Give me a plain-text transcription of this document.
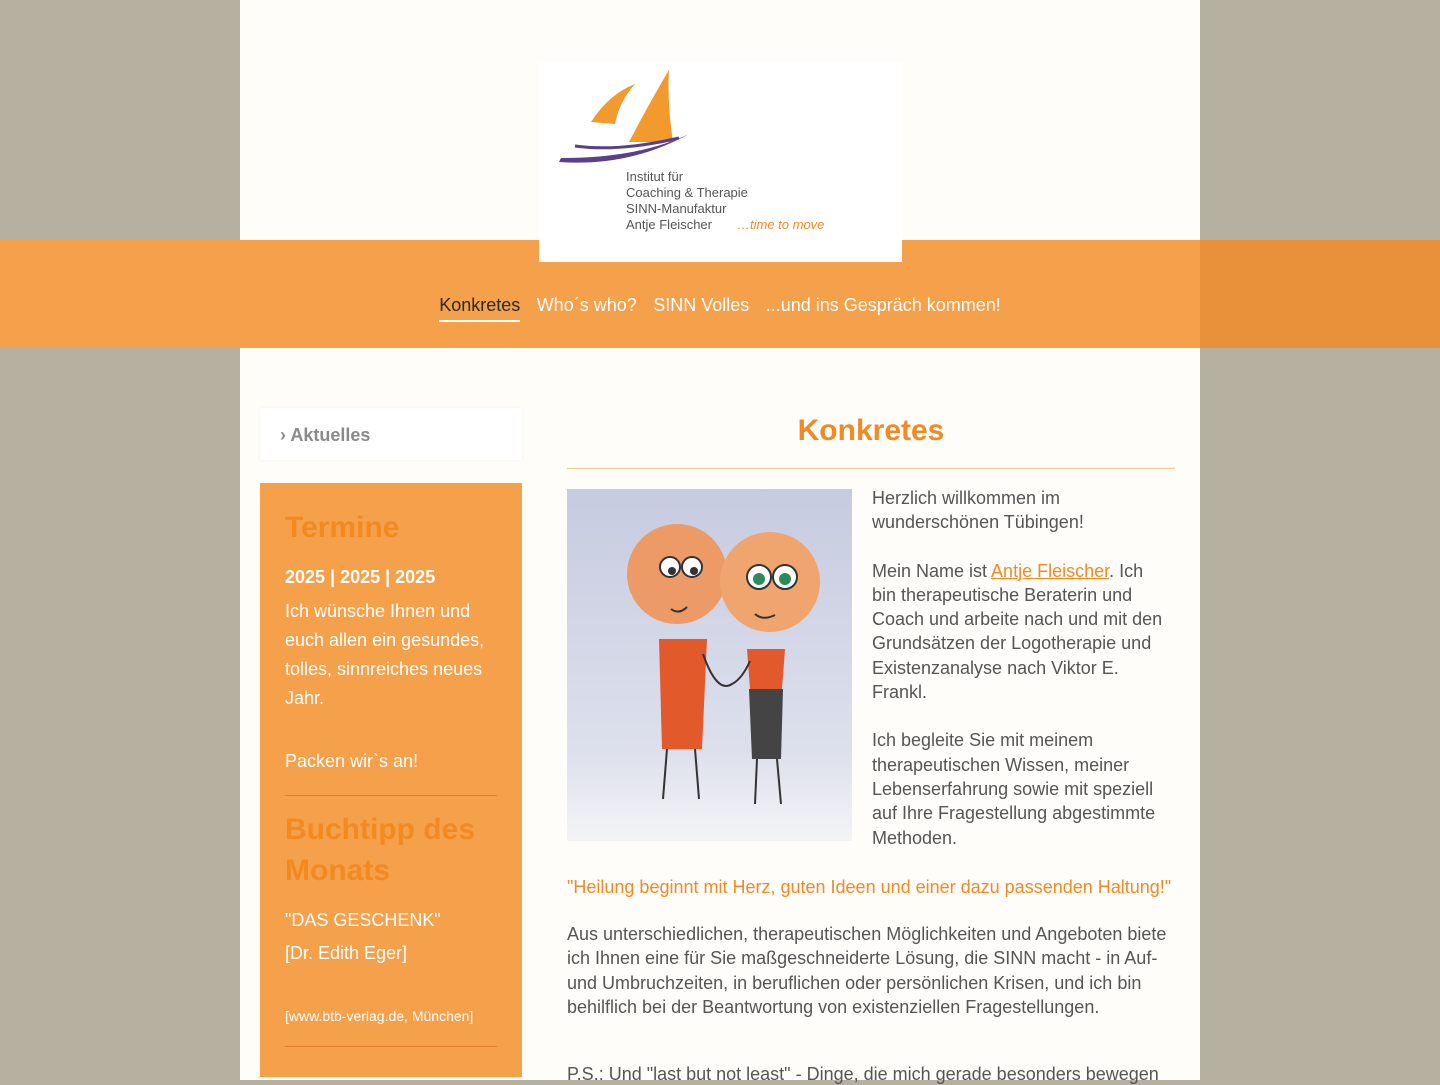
Institut für
Coaching & Therapie
SINN-Manufaktur
Antje Fleischer …time to move
Konkretes Who´s who? SINN Volles ...und ins Gespräch kommen!
› Aktuelles
Termine
2025 | 2025 | 2025
Ich wünsche Ihnen und euch allen ein gesundes, tolles, sinnreiches neues Jahr.
Packen wir`s an!
Buchtipp des Monats
"DAS GESCHENK"
[Dr. Edith Eger]
[www.btb-verlag.de, München]
Konkretes

Herzlich willkommen im wunderschönen Tübingen!

Mein Name ist Antje Fleischer. Ich bin therapeutische Beraterin und Coach und arbeite nach und mit den Grundsätzen der Logotherapie und Existenzanalyse nach Viktor E. Frankl.

Ich begleite Sie mit meinem therapeutischen Wissen, meiner Lebenserfahrung sowie mit speziell auf Ihre Fragestellung abgestimmte Methoden.

"Heilung beginnt mit Herz, guten Ideen und einer dazu passenden Haltung!"
Aus unterschiedlichen, therapeutischen Möglichkeiten und Angeboten biete ich Ihnen eine für Sie maßgeschneiderte Lösung, die SINN macht - in Auf- und Umbruchzeiten, in beruflichen oder persönlichen Krisen, und ich bin behilflich bei der Beantwortung von existenziellen Fragestellungen.
P.S.: Und "last but not least" - Dinge, die mich gerade besonders bewegen
